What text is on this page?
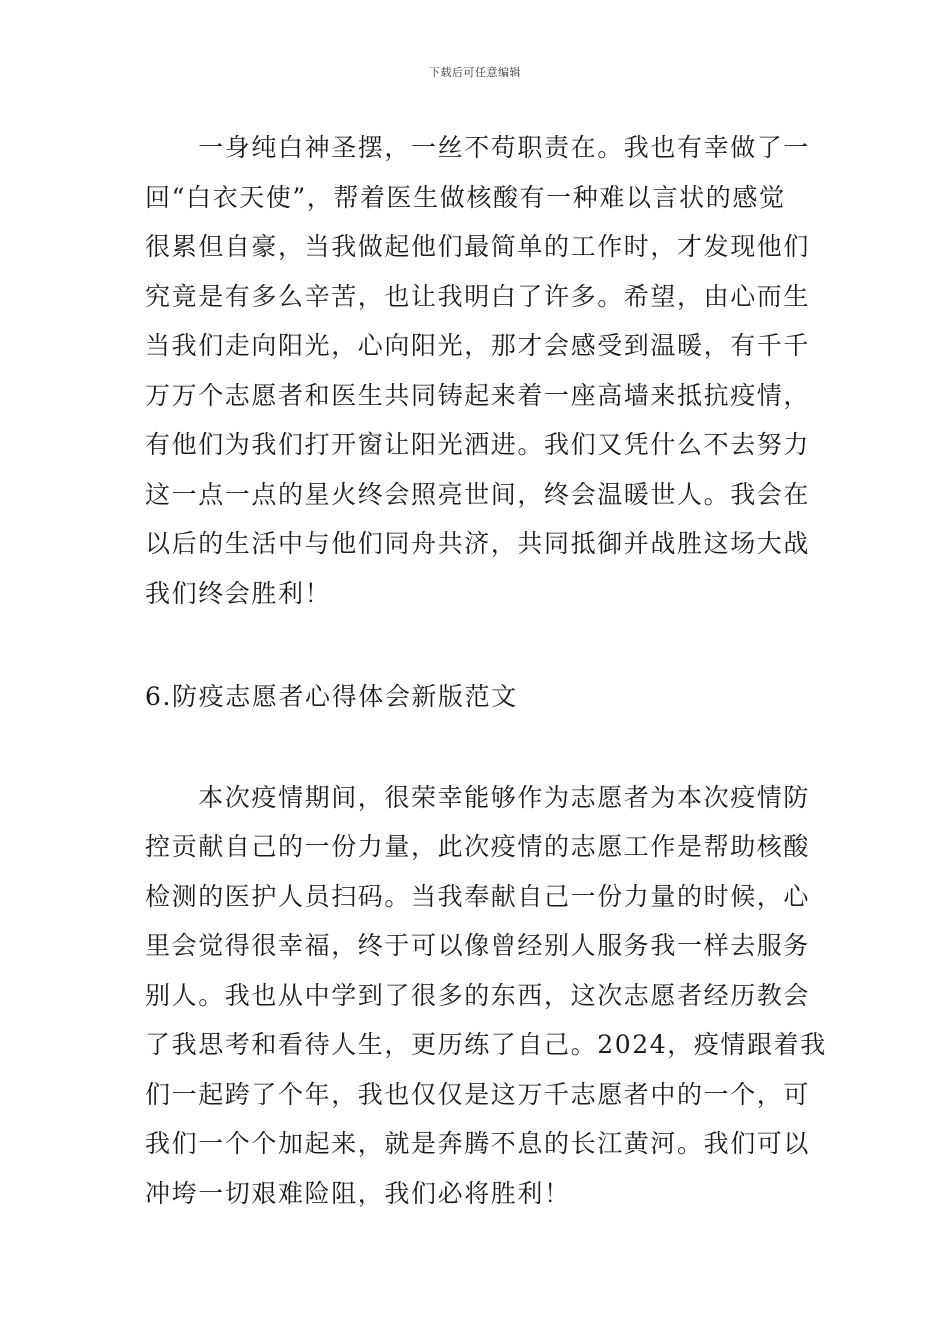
下载后可任意编辑
　　一身纯白神圣摆，一丝不苟职责在。我也有幸做了一
回“白衣天使”，帮着医生做核酸有一种难以言状的感觉
很累但自豪，当我做起他们最简单的工作时，才发现他们
究竟是有多么辛苦，也让我明白了许多。希望，由心而生
当我们走向阳光，心向阳光，那才会感受到温暖，有千千
万万个志愿者和医生共同铸起来着一座高墙来抵抗疫情，
有他们为我们打开窗让阳光洒进。我们又凭什么不去努力
这一点一点的星火终会照亮世间，终会温暖世人。我会在
以后的生活中与他们同舟共济，共同抵御并战胜这场大战
我们终会胜利！
6.防疫志愿者心得体会新版范文
　　本次疫情期间，很荣幸能够作为志愿者为本次疫情防
控贡献自己的一份力量，此次疫情的志愿工作是帮助核酸
检测的医护人员扫码。当我奉献自己一份力量的时候，心
里会觉得很幸福，终于可以像曾经别人服务我一样去服务
别人。我也从中学到了很多的东西，这次志愿者经历教会
了我思考和看待人生，更历练了自己。2024，疫情跟着我
们一起跨了个年，我也仅仅是这万千志愿者中的一个，可
我们一个个加起来，就是奔腾不息的长江黄河。我们可以
冲垮一切艰难险阻，我们必将胜利！
